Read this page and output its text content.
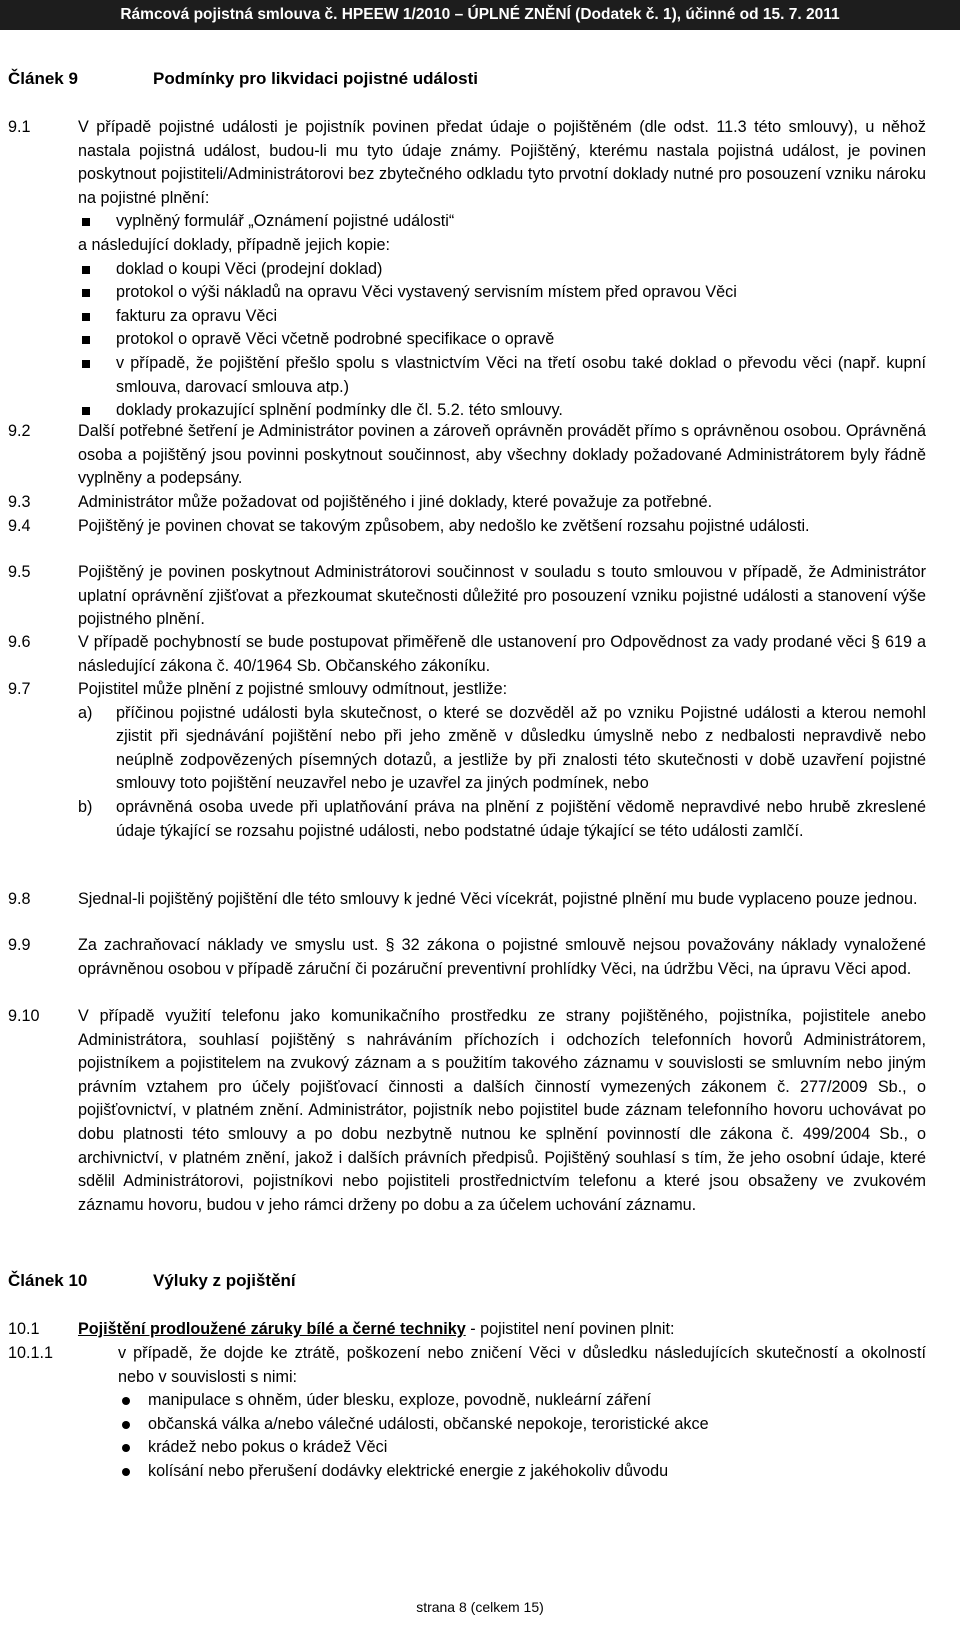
Rámcová pojistná smlouva č. HPEEW 1/2010 – ÚPLNÉ ZNĚNÍ (Dodatek č. 1), účinné od 15. 7. 2011
Článek 9	Podmínky pro likvidaci pojistné události
9.1	V případě pojistné události je pojistník povinen předat údaje o pojištěném (dle odst. 11.3 této smlouvy), u něhož nastala pojistná událost, budou-li mu tyto údaje známy. Pojištěný, kterému nastala pojistná událost, je povinen poskytnout pojistiteli/Administrátorovi bez zbytečného odkladu tyto prvotní doklady nutné pro posouzení vzniku nároku na pojistné plnění:
vyplněný formulář „Oznámení pojistné události“
a následující doklady, případně jejich kopie:
doklad o koupi Věci (prodejní doklad)
protokol o výši nákladů na opravu Věci vystavený servisním místem před opravou Věci
fakturu za opravu Věci
protokol o opravě Věci včetně podrobné specifikace o opravě
v případě, že pojištění přešlo spolu s vlastnictvím Věci na třetí osobu také doklad o převodu věci (např. kupní smlouva, darovací smlouva atp.)
doklady prokazující splnění podmínky dle čl. 5.2. této smlouvy.
9.2	Další potřebné šetření je Administrátor povinen a zároveň oprávněn provádět přímo s oprávněnou osobou. Oprávněná osoba a pojištěný jsou povinni poskytnout součinnost, aby všechny doklady požadované Administrátorem byly řádně vyplněny a podepsány.
9.3	Administrátor může požadovat od pojištěného i jiné doklady, které považuje za potřebné.
9.4	Pojištěný je povinen chovat se takovým způsobem, aby nedošlo ke zvětšení rozsahu pojistné události.
9.5	Pojištěný je povinen poskytnout Administrátorovi součinnost v souladu s touto smlouvou v případě, že Administrátor uplatní oprávnění zjišťovat a přezkoumat skutečnosti důležité pro posouzení vzniku pojistné události a stanovení výše pojistného plnění.
9.6	V případě pochybností se bude postupovat přiměřeně dle ustanovení pro Odpovědnost za vady prodané věci § 619 a následující zákona č. 40/1964 Sb. Občanského zákoníku.
9.7	Pojistitel může plnění z pojistné smlouvy odmítnout, jestliže:
a) příčinou pojistné události byla skutečnost, o které se dozvěděl až po vzniku Pojistné události a kterou nemohl zjistit při sjednávání pojištění nebo při jeho změně v důsledku úmyslně nebo z nedbalosti nepravdivě nebo neúplně zodpovězených písemných dotazů, a jestliže by při znalosti této skutečnosti v době uzavření pojistné smlouvy toto pojištění neuzavřel nebo je uzavřel za jiných podmínek, nebo
b) oprávněná osoba uvede při uplatňování práva na plnění z pojištění vědomě nepravdivé nebo hrubě zkreslené údaje týkající se rozsahu pojistné události, nebo podstatné údaje týkající se této události zamlčí.
9.8	Sjednal-li pojištěný pojištění dle této smlouvy k jedné Věci vícekrát, pojistné plnění mu bude vyplaceno pouze jednou.
9.9	Za zachraňovací náklady ve smyslu ust. § 32 zákona o pojistné smlouvě nejsou považovány náklady vynaložené oprávněnou osobou v případě záruční či pozáruční preventivní prohlídky Věci, na údržbu Věci, na úpravu Věci apod.
9.10 V případě využití telefonu jako komunikačního prostředku ze strany pojištěného, pojistníka, pojistitele anebo Administrátora, souhlasí pojištěný s nahráváním příchozích i odchozích telefonních hovorů Administrátorem, pojistníkem a pojistitelem na zvukový záznam a s použitím takového záznamu v souvislosti se smluvním nebo jiným právním vztahem pro účely pojišťovací činnosti a dalších činností vymezených zákonem č. 277/2009 Sb., o pojišťovnictví, v platném znění. Administrátor, pojistník nebo pojistitel bude záznam telefonního hovoru uchovávat po dobu platnosti této smlouvy a po dobu nezbytně nutnou ke splnění povinností dle zákona č. 499/2004 Sb., o archivnictví, v platném znění, jakož i dalších právních předpisů. Pojištěný souhlasí s tím, že jeho osobní údaje, které sdělil Administrátorovi, pojistníkovi nebo pojistiteli prostřednictvím telefonu a které jsou obsaženy ve zvukovém záznamu hovoru, budou v jeho rámci drženy po dobu a za účelem uchování záznamu.
Článek 10	Výluky z pojištění
10.1 Pojištění prodloužené záruky bílé a černé techniky - pojistitel není povinen plnit:
10.1.1	v případě, že dojde ke ztrátě, poškození nebo zničení Věci v důsledku následujících skutečností a okolností nebo v souvislosti s nimi:
manipulace s ohněm, úder blesku, exploze, povodně, nukleární záření
občanská válka a/nebo válečné události, občanské nepokoje, teroristické akce
krádež nebo pokus o krádež Věci
kolísání nebo přerušení dodávky elektrické energie z jakéhokoliv důvodu
strana 8 (celkem 15)
